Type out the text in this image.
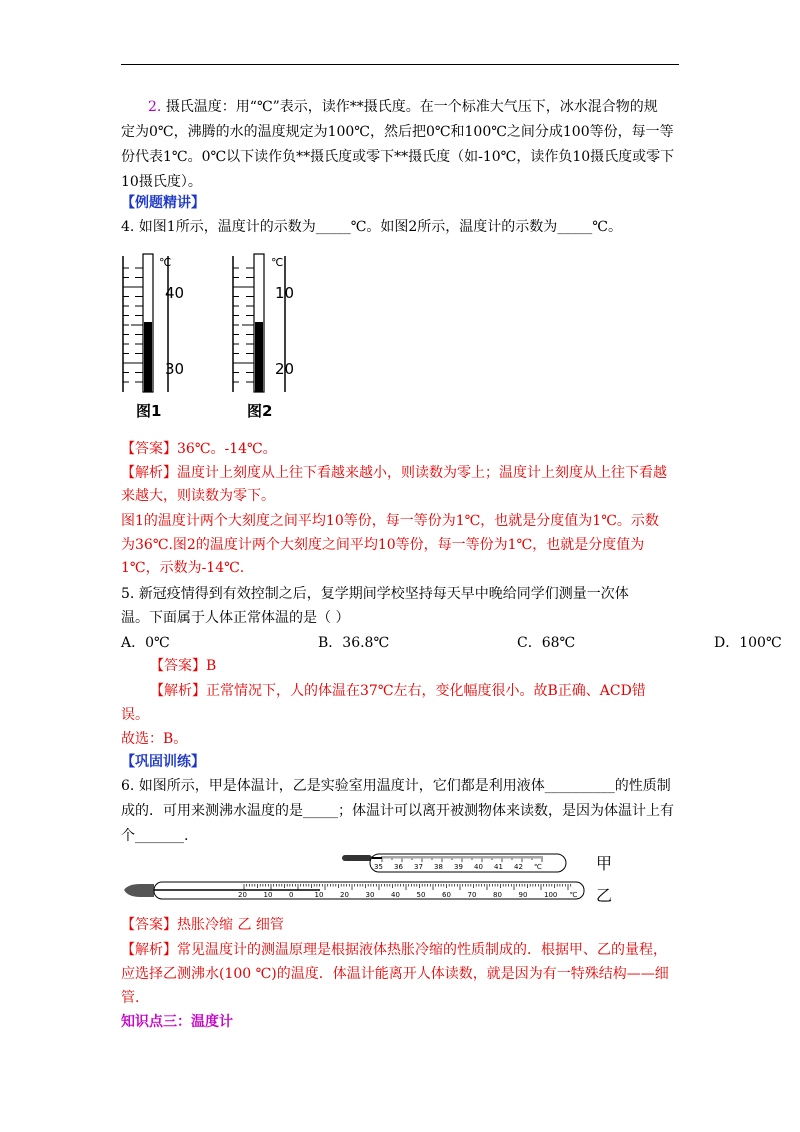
2. 摄氏温度：用“℃”表示，读作**摄氏度。在一个标准大气压下，冰水混合物的规
定为0℃，沸腾的水的温度规定为100℃，然后把0℃和100℃之间分成100等份，每一等
份代表1℃。0℃以下读作负**摄氏度或零下**摄氏度（如-10℃，读作负10摄氏度或零下
10摄氏度）。
【例题精讲】
4. 如图1所示，温度计的示数为_____℃。如图2所示，温度计的示数为_____℃。
℃
40
30
℃
10
20
图1	图2
【答案】36℃。-14℃。
【解析】温度计上刻度从上往下看越来越小，则读数为零上；温度计上刻度从上往下看越
来越大，则读数为零下。
图1的温度计两个大刻度之间平均10等份，每一等份为1℃，也就是分度值为1℃。示数
为36℃.图2的温度计两个大刻度之间平均10等份，每一等份为1℃，也就是分度值为
1℃，示数为-14℃.
5. 新冠疫情得到有效控制之后，复学期间学校坚持每天早中晚给同学们测量一次体
温。下面属于人体正常体温的是（ ）
A．0℃	B．36.8℃	C．68℃	D．100℃
【答案】B
【解析】正常情况下，人的体温在37℃左右，变化幅度很小。故B正确、ACD错
误。
故选：B。
【巩固训练】
6. 如图所示，甲是体温计，乙是实验室用温度计，它们都是利用液体__________的性质制
成的．可用来测沸水温度的是_____；体温计可以离开被测物体来读数，是因为体温计上有
个_______.
35 36 37 38 39 40 41 42 ℃
20 10 0	10 20 30 40 50 60 70 80 90 100 ℃
甲
乙
【答案】热胀冷缩 乙 细管
【解析】常见温度计的测温原理是根据液体热胀冷缩的性质制成的．根据甲、乙的量程，
应选择乙测沸水(100 ℃)的温度．体温计能离开人体读数，就是因为有一特殊结构——细
管.
知识点三：温度计
